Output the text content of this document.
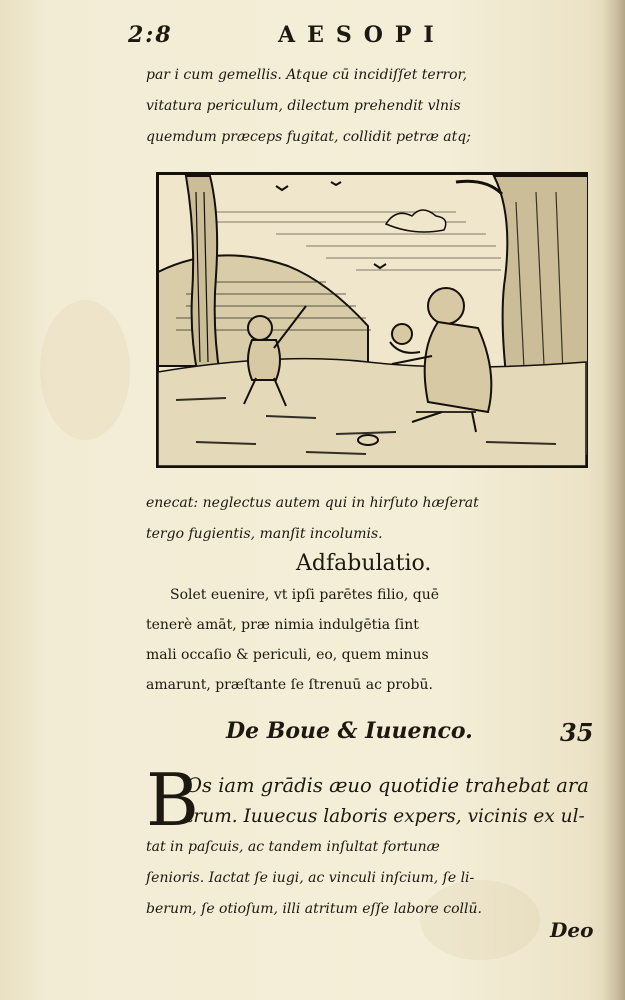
2:8	AESOPI
par i cum gemellis. Atque cū incidiſſet terror,
vitatura periculum, dilectum prehendit vlnis
quemdum præceps fugitat, collidit petræ atq;
enecat: neglectus autem qui in hirſuto hæſerat
tergo fugientis, manſit incolumis.
Adfabulatio.
Solet euenire, vt ipſi parētes filio, quē
tenerè amāt, præ nimia indulgētia ſint
mali occaſio & periculi, eo, quem minus
amarunt, præſtante ſe ſtrenuū ac probū.
De Boue & Iuuenco.	35
B
Os iam grādis æuo quotidie trahebat ara
trum. Iuuecus laboris expers, vicinis ex ul-
tat in paſcuis, ac tandem inſultat fortunæ
ſenioris. Iactat ſe iugi, ac vinculi inſcium, ſe li-
berum, ſe otioſum, illi atritum eſſe labore collū.
Deo
